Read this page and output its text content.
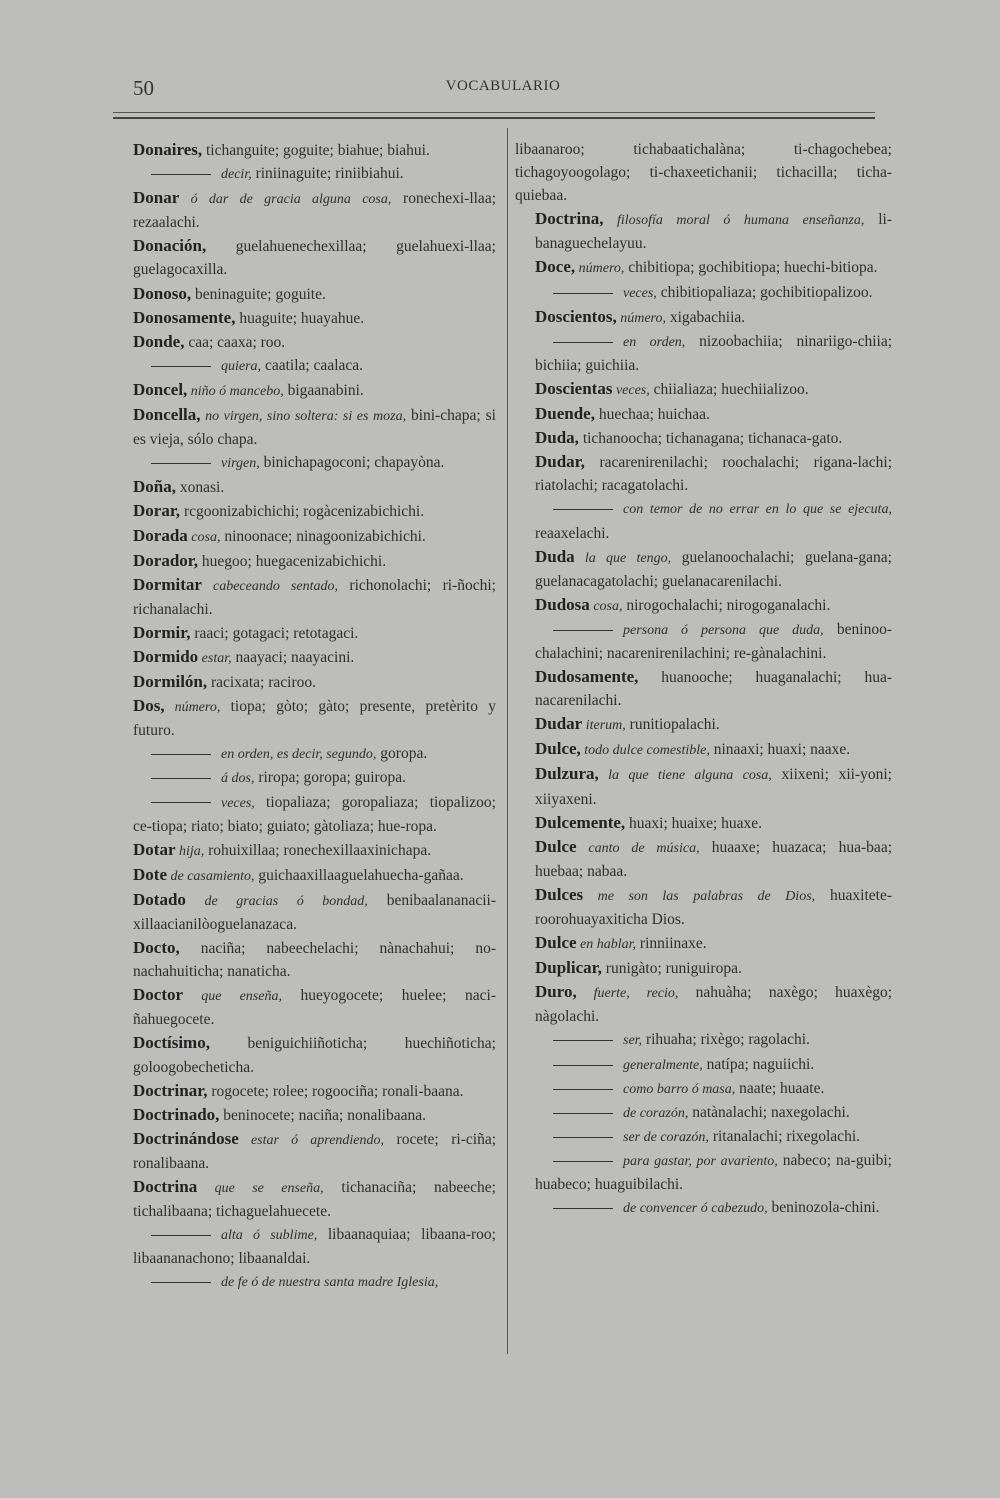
50	VOCABULARIO

Donaires, tichanguite; goguite; biahue; biahui.

decir, riniinaguite; riniibiahui.

Donar ó dar de gracia alguna cosa, ronechexi-llaa; rezaalachi.

Donación, guelahuenechexillaa; guelahuexi-llaa; guelagocaxilla.

Donoso, beninaguite; goguite.

Donosamente, huaguite; huayahue.

Donde, caa; caaxa; roo.

quiera, caatila; caalaca.

Doncel, niño ó mancebo, bigaanabini.

Doncella, no virgen, sino soltera: si es moza, bini-chapa; si es vieja, sólo chapa.

virgen, binichapagoconi; chapayòna.

Doña, xonasi.

Dorar, rcgoonizabichichi; rogàcenizabichichi.

Dorada cosa, ninoonace; ninagoonizabichichi.

Dorador, huegoo; huegacenizabichichi.

Dormitar cabeceando sentado, richonolachi; ri-ñochi; richanalachi.

Dormir, raaci; gotagaci; retotagaci.

Dormido estar, naayaci; naayacini.

Dormilón, racixata; raciroo.

Dos, número, tiopa; gòto; gàto; presente, pretèrito y futuro.

en orden, es decir, segundo, goropa.

á dos, riropa; goropa; guiropa.

veces, tiopaliaza; goropaliaza; tiopalizoo; ce-tiopa; riato; biato; guiato; gàtoliaza; hue-ropa.

Dotar hija, rohuixillaa; ronechexillaaxinichapa.

Dote de casamiento, guichaaxillaaguelahuecha-gañaa.

Dotado de gracias ó bondad, benibaalananacii-xillaacianilòoguelanazaca.

Docto, naciña; nabeechelachi; nànachahui; no-nachahuiticha; nanaticha.

Doctor que enseña, hueyogocete; huelee; naci-ñahuegocete.

Doctísimo, beniguichiiñoticha; huechiñoticha; goloogobecheticha.

Doctrinar, rogocete; rolee; rogoociña; ronali-baana.

Doctrinado, beninocete; naciña; nonalibaana.

Doctrinándose estar ó aprendiendo, rocete; ri-ciña; ronalibaana.

Doctrina que se enseña, tichanaciña; nabeeche; tichalibaana; tichaguelahuecete.

alta ó sublime, libaanaquiaa; libaana-roo; libaananachono; libaanaldai.

de fe ó de nuestra santa madre Iglesia,

libaanaroo; tichabaatichalàna; ti-chagochebea; tichagoyoogolago; ti-chaxeetichanii; tichacilla; ticha-quiebaa.

Doctrina, filosofía moral ó humana enseñanza, li-banaguechelayuu.

Doce, número, chibitiopa; gochibitiopa; huechi-bitiopa.

veces, chibitiopaliaza; gochibitiopalizoo.

Doscientos, número, xigabachiia.

en orden, nizoobachiia; ninariigo-chiia; bichiia; guichiia.

Doscientas veces, chiialiaza; huechiializoo.

Duende, huechaa; huichaa.

Duda, tichanoocha; tichanagana; tichanaca-gato.

Dudar, racarenirenilachi; roochalachi; rigana-lachi; riatolachi; racagatolachi.

con temor de no errar en lo que se ejecuta, reaaxelachi.

Duda la que tengo, guelanoochalachi; guelana-gana; guelanacagatolachi; guelanacarenilachi.

Dudosa cosa, nirogochalachi; nirogoganalachi.

persona ó persona que duda, beninoo-chalachini; nacarenirenilachini; re-gànalachini.

Dudosamente, huanooche; huaganalachi; hua-nacarenilachi.

Dudar iterum, runitiopalachi.

Dulce, todo dulce comestible, ninaaxi; huaxi; naaxe.

Dulzura, la que tiene alguna cosa, xiixeni; xii-yoni; xiiyaxeni.

Dulcemente, huaxi; huaixe; huaxe.

Dulce canto de música, huaaxe; huazaca; hua-baa; huebaa; nabaa.

Dulces me son las palabras de Dios, huaxitete-roorohuayaxiticha Dios.

Dulce en hablar, rinniinaxe.

Duplicar, runigàto; runiguiropa.

Duro, fuerte, recio, nahuàha; naxègo; huaxègo; nàgolachi.

ser, rihuaha; rixègo; ragolachi.

generalmente, natípa; naguiichi.

como barro ó masa, naate; huaate.

de corazón, natànalachi; naxegolachi.

ser de corazón, ritanalachi; rixegolachi.

para gastar, por avariento, nabeco; na-guibi; huabeco; huaguibilachi.

de convencer ó cabezudo, beninozola-chini.
